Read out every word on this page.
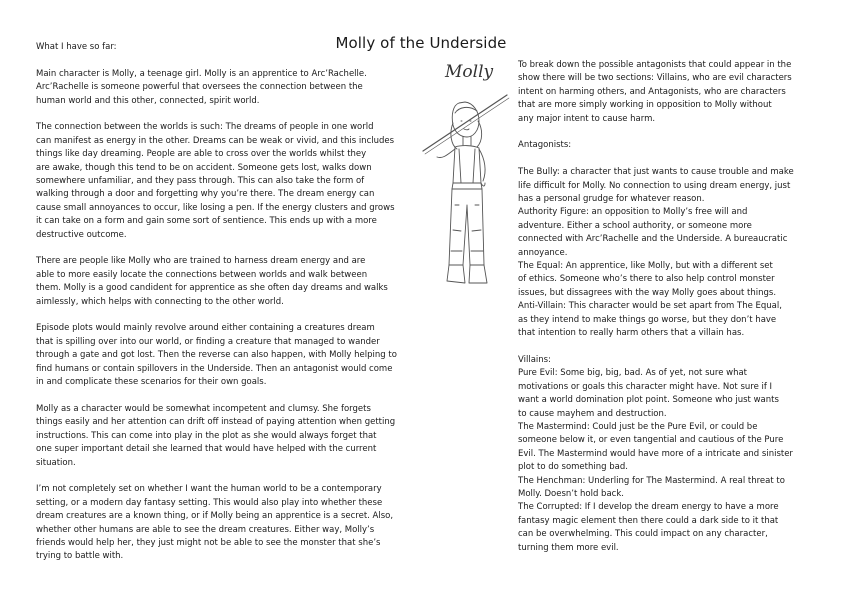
Molly of the Underside

What I have so far:

Main character is Molly, a teenage girl. Molly is an apprentice to Arc’Rachelle.
Arc’Rachelle is someone powerful that oversees the connection between the
human world and this other, connected, spirit world.

The connection between the worlds is such: The dreams of people in one world
can manifest as energy in the other. Dreams can be weak or vivid, and this includes
things like day dreaming. People are able to cross over the worlds whilst they
are awake, though this tend to be on accident. Someone gets lost, walks down
somewhere unfamiliar, and they pass through. This can also take the form of
walking through a door and forgetting why you’re there. The dream energy can
cause small annoyances to occur, like losing a pen. If the energy clusters and grows
it can take on a form and gain some sort of sentience. This ends up with a more
destructive outcome.

There are people like Molly who are trained to harness dream energy and are
able to more easily locate the connections between worlds and walk between
them. Molly is a good candident for apprentice as she often day dreams and walks
aimlessly, which helps with connecting to the other world.

Episode plots would mainly revolve around either containing a creatures dream
that is spilling over into our world, or finding a creature that managed to wander
through a gate and got lost. Then the reverse can also happen, with Molly helping to
find humans or contain spillovers in the Underside. Then an antagonist would come
in and complicate these scenarios for their own goals.

Molly as a character would be somewhat incompetent and clumsy. She forgets
things easily and her attention can drift off instead of paying attention when getting
instructions. This can come into play in the plot as she would always forget that
one super important detail she learned that would have helped with the current
situation.

I’m not completely set on whether I want the human world to be a contemporary
setting, or a modern day fantasy setting. This would also play into whether these
dream creatures are a known thing, or if Molly being an apprentice is a secret. Also,
whether other humans are able to see the dream creatures. Either way, Molly’s
friends would help her, they just might not be able to see the monster that she’s
trying to battle with.

Molly	To break down the possible antagonists that could appear in the
show there will be two sections: Villains, who are evil characters
intent on harming others, and Antagonists, who are characters
that are more simply working in opposition to Molly without
any major intent to cause harm.

Antagonists:

The Bully: a character that just wants to cause trouble and make
life difficult for Molly. No connection to using dream energy, just
has a personal grudge for whatever reason.
Authority Figure: an opposition to Molly’s free will and
adventure. Either a school authority, or someone more
connected with Arc’Rachelle and the Underside. A bureaucratic
annoyance.
The Equal: An apprentice, like Molly, but with a different set
of ethics. Someone who’s there to also help control monster
issues, but dissagrees with the way Molly goes about things.
Anti-Villain: This character would be set apart from The Equal,
as they intend to make things go worse, but they don’t have
that intention to really harm others that a villain has.

Villains:
Pure Evil: Some big, big, bad. As of yet, not sure what
motivations or goals this character might have. Not sure if I
want a world domination plot point. Someone who just wants
to cause mayhem and destruction.
The Mastermind: Could just be the Pure Evil, or could be
someone below it, or even tangential and cautious of the Pure
Evil. The Mastermind would have more of a intricate and sinister
plot to do something bad.
The Henchman: Underling for The Mastermind. A real threat to
Molly. Doesn’t hold back.
The Corrupted: If I develop the dream energy to have a more
fantasy magic element then there could a dark side to it that
can be overwhelming. This could impact on any character,
turning them more evil.
